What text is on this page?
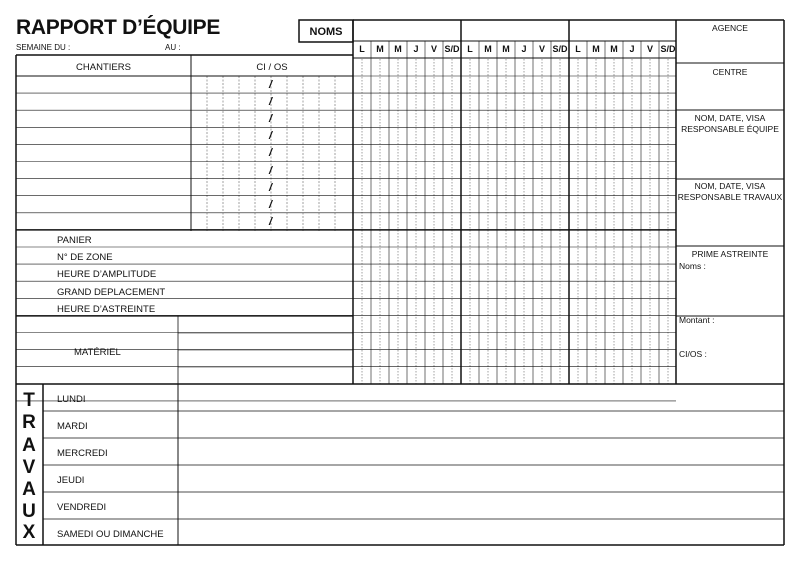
RAPPORT D’ÉQUIPE
SEMAINE DU :	AU :
NOMS
L	M	M	J	V S/D L	M	M	J	V S/D L	M	M	J	V S/D
CHANTIERS	CI / OS
/
/
/
/
/
/
/
/
/
PANIER
N° DE ZONE
HEURE D’AMPLITUDE
GRAND DEPLACEMENT
HEURE D’ASTREINTE
MATÉRIEL
T
R
A
V
A
U
X
LUNDI
MARDI
MERCREDI
JEUDI
VENDREDI
SAMEDI OU DIMANCHE
AGENCE
CENTRE
NOM, DATE, VISA
RESPONSABLE ÉQUIPE
NOM, DATE, VISA
RESPONSABLE TRAVAUX
PRIME ASTREINTE
Noms :
Montant :
CI/OS :
